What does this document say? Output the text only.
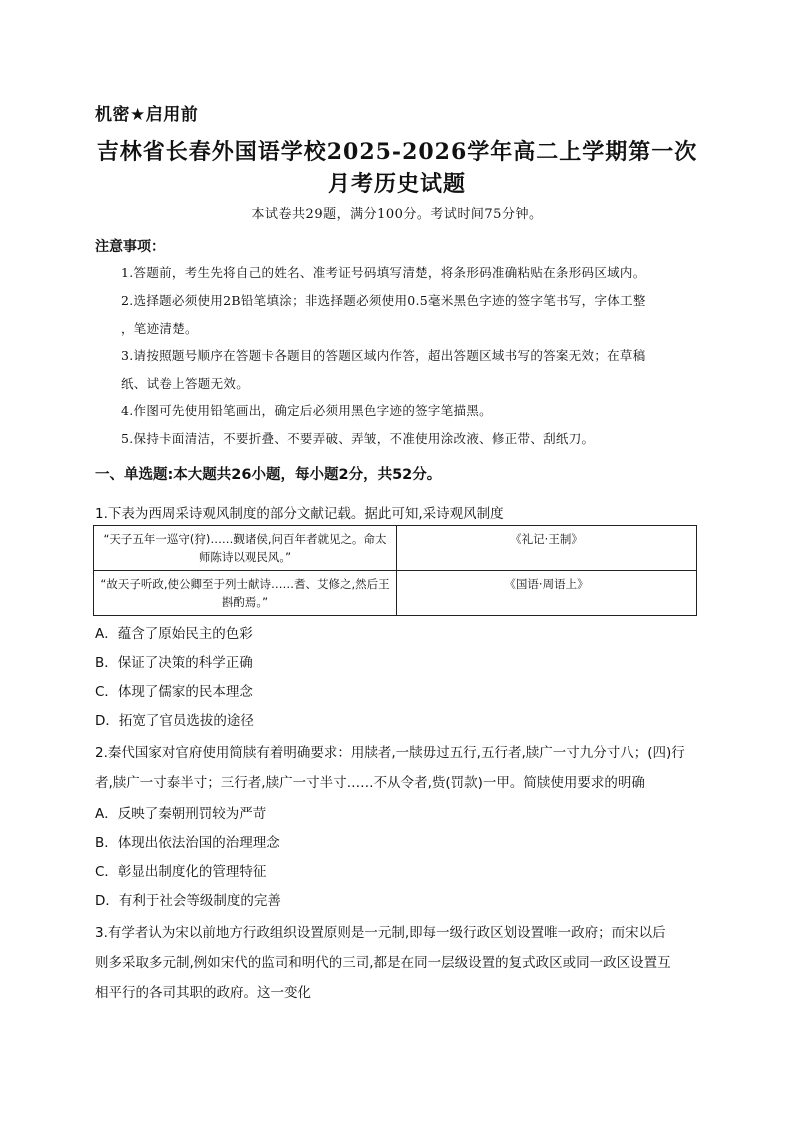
机密★启用前
吉林省长春外国语学校2025-2026学年高二上学期第一次
月考历史试题
本试卷共29题，满分100分。考试时间75分钟。
注意事项：
1.答题前，考生先将自己的姓名、准考证号码填写清楚，将条形码准确粘贴在条形码区域内。
2.选择题必须使用2B铅笔填涂；非选择题必须使用0.5毫米黑色字迹的签字笔书写，字体工整
，笔迹清楚。
3.请按照题号顺序在答题卡各题目的答题区域内作答，超出答题区域书写的答案无效；在草稿
纸、试卷上答题无效。
4.作图可先使用铅笔画出，确定后必须用黑色字迹的签字笔描黑。
5.保持卡面清洁，不要折叠、不要弄破、弄皱，不准使用涂改液、修正带、刮纸刀。
一、单选题:本大题共26小题，每小题2分，共52分。
1.下表为西周采诗观风制度的部分文献记载。据此可知,采诗观风制度
“天子五年一巡守(狩)……觐诸侯,问百年者就见之。命太师陈诗以观民风。”	《礼记·王制》
“故天子听政,使公卿至于列士献诗……耆、艾修之,然后王斟酌焉。”	《国语·周语上》
A．蕴含了原始民主的色彩
B．保证了决策的科学正确
C．体现了儒家的民本理念
D．拓宽了官员选拔的途径
2.秦代国家对官府使用简牍有着明确要求：用牍者,一牍毋过五行,五行者,牍广一寸九分寸八；(四)行
者,牍广一寸泰半寸；三行者,牍广一寸半寸……不从令者,赀(罚款)一甲。简牍使用要求的明确
A．反映了秦朝刑罚较为严苛
B．体现出依法治国的治理理念
C．彰显出制度化的管理特征
D．有利于社会等级制度的完善
3.有学者认为宋以前地方行政组织设置原则是一元制,即每一级行政区划设置唯一政府；而宋以后
则多采取多元制,例如宋代的监司和明代的三司,都是在同一层级设置的复式政区或同一政区设置互
相平行的各司其职的政府。这一变化
